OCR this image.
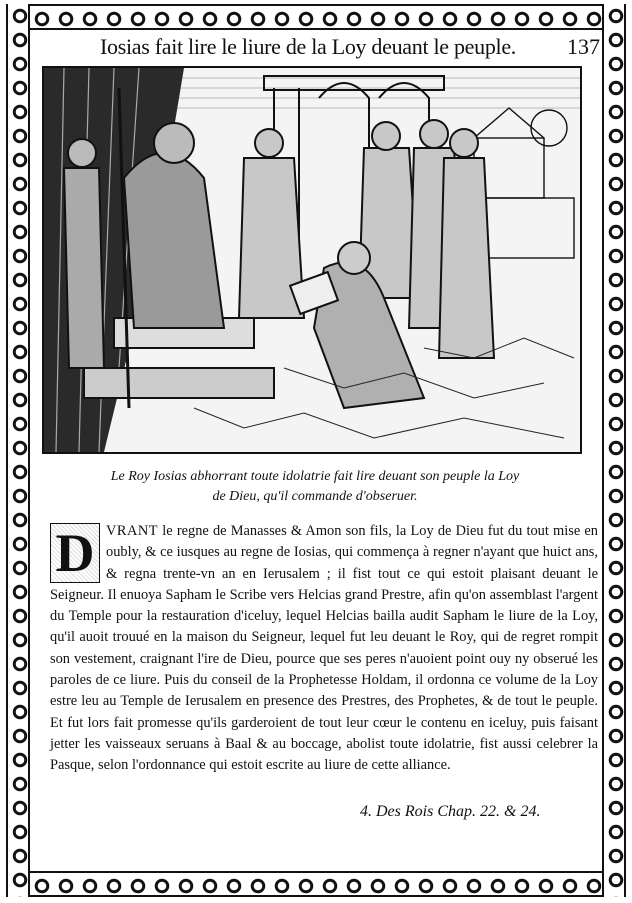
Iosias fait lire le liure de la Loy deuant le peuple. 137
Le Roy Iosias abhorrant toute idolatrie fait lire deuant son peuple la Loy
de Dieu, qu'il commande d'obseruer.
D VRANT le regne de Manasses & Amon son fils, la Loy de Dieu fut du tout mise en oubly, & ce iusques au regne de Iosias, qui commença à regner n'ayant que huict ans, & regna trente-vn an en Ierusalem ; il fist tout ce qui estoit plaisant deuant le Seigneur. Il enuoya Sapham le Scribe vers Helcias grand Prestre, afin qu'on assemblast l'argent du Temple pour la restauration d'iceluy, lequel Helcias bailla audit Sapham le liure de la Loy, qu'il auoit trouué en la maison du Seigneur, lequel fut leu deuant le Roy, qui de regret rompit son vestement, craignant l'ire de Dieu, pource que ses peres n'auoient point ouy ny obserué les paroles de ce liure. Puis du conseil de la Prophetesse Holdam, il ordonna ce volume de la Loy estre leu au Temple de Ierusalem en presence des Prestres, des Prophetes, & de tout le peuple. Et fut lors fait promesse qu'ils garderoient de tout leur cœur le contenu en iceluy, puis faisant jetter les vaisseaux seruans à Baal & au boccage, abolist toute idolatrie, fist aussi celebrer la Pasque, selon l'ordonnance qui estoit escrite au liure de cette alliance.
4. Des Rois Chap. 22. & 24.
